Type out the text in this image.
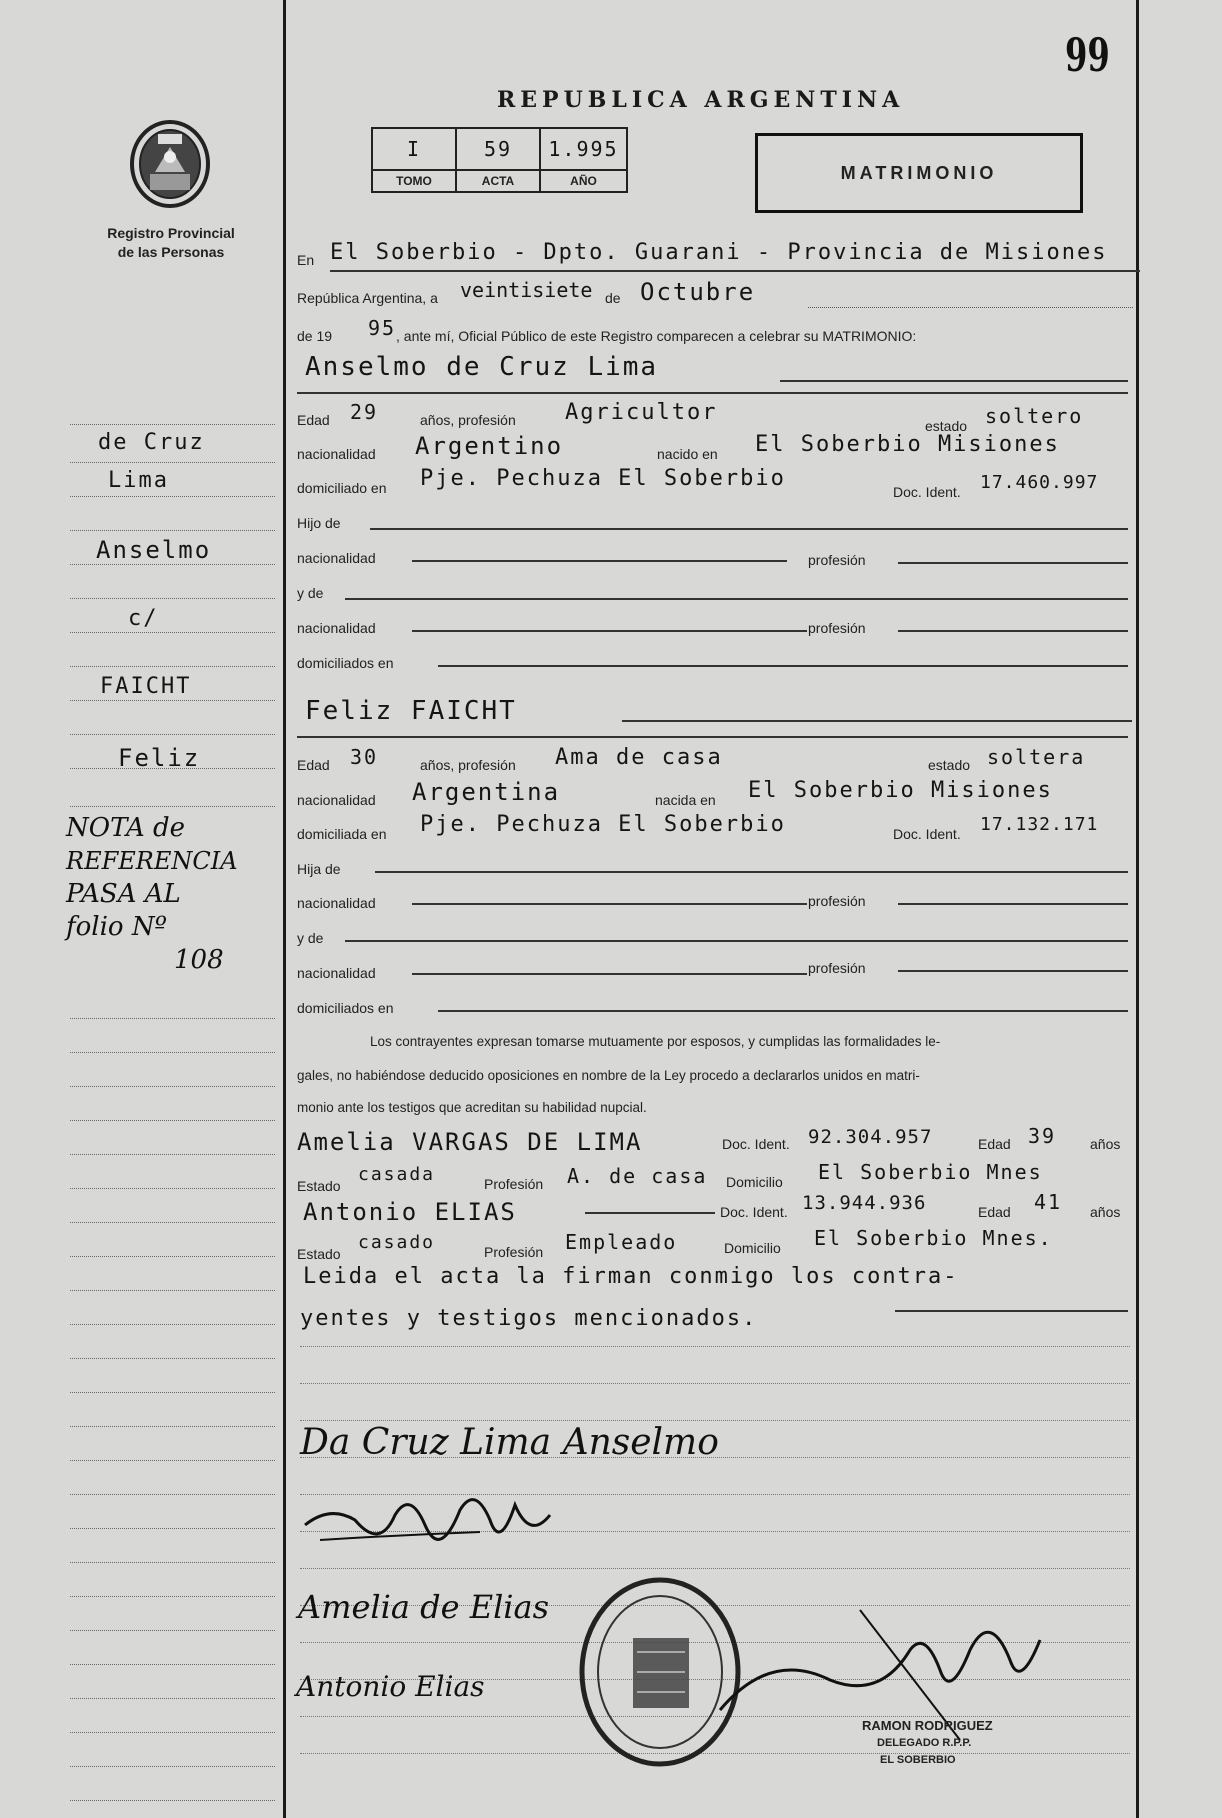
99
Registro Provincial
de las Personas
REPUBLICA ARGENTINA
I	59	1.995
TOMO	ACTA	AÑO	MATRIMONIO
En El Soberbio - Dpto. Guarani - Provincia de Misiones
República Argentina, a veintisiete de Octubre
de 19 95 , ante mí, Oficial Público de este Registro comparecen a celebrar su MATRIMONIO:
Anselmo de Cruz Lima
Edad 29	años, profesión Agricultor
estado soltero
nacionalidad Argentino	nacido en El Soberbio Misiones
domiciliado en Pje. Pechuza El Soberbio
Doc. Ident. 17.460.997
Hijo de
nacionalidad	profesión
y de
nacionalidad	profesión
domiciliados en
Feliz FAICHT
Edad 30	años, profesión Ama de casa	estado soltera
nacionalidad Argentina	nacida en El Soberbio Misiones
domiciliada en Pje. Pechuza El Soberbio	Doc. Ident. 17.132.171
Hija de
nacionalidad	profesión
y de
nacionalidad	profesión
domiciliados en
Los contrayentes expresan tomarse mutuamente por esposos, y cumplidas las formalidades le-
gales, no habiéndose deducido oposiciones en nombre de la Ley procedo a declararlos unidos en matri-
monio ante los testigos que acreditan su habilidad nupcial.
Amelia VARGAS DE LIMA	Doc. Ident. 92.304.957	Edad 39 años
Estado
casada	Profesión A. de casa Domicilio El Soberbio Mnes
Antonio ELIAS	Doc. Ident. 13.944.936	Edad 41 años
Estado
casado	Profesión Empleado	Domicilio El Soberbio Mnes.
Leida el acta la firman conmigo los contra-
yentes y testigos mencionados.
Da Cruz Lima Anselmo
Amelia de Elias
Antonio Elias
RAMON RODRIGUEZ
DELEGADO R.P.P.
EL SOBERBIO
de Cruz
Lima
Anselmo
c/
FAICHT
Feliz
NOTA de
REFERENCIA
PASA AL
folio Nº
108
